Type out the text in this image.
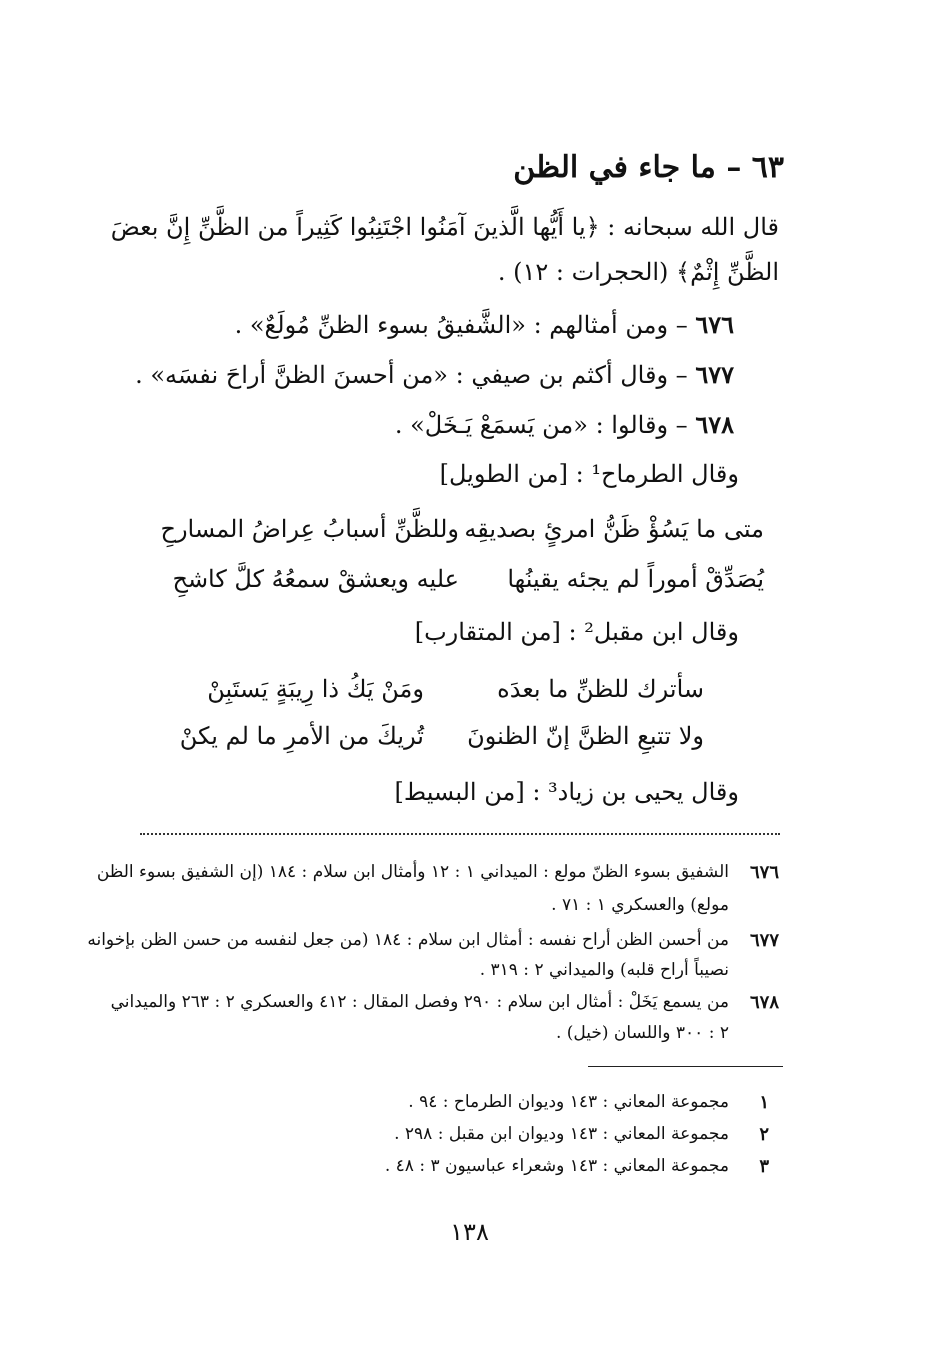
٦٣ – ما جاء في الظن
قال الله سبحانه : ﴿يا أَيُّها الَّذينَ آمَنُوا اجْتَنِبُوا كَثِيراً من الظَّنِّ إِنَّ بعضَ
الظَّنِّ إِثْمٌ﴾ (الحجرات : ١٢) .
٦٧٦ – ومن أمثالهم : «الشَّفيقُ بسوء الظنِّ مُولَعٌ» .
٦٧٧ – وقال أكثم بن صيفي : «من أحسنَ الظنَّ أراحَ نفسَه» .
٦٧٨ – وقالوا : «من يَسمَعْ يَـخَلْ» .
وقال الطرماح¹ : [من الطويل]
متى ما يَسُؤْ ظَنُّ امرئٍ بصديقِه
وللظَّنِّ أسبابُ عِراضُ المسارحِ
يُصَدِّقْ أموراً لم يجئه يقينُها
عليه ويعشقْ سمعُهُ كلَّ كاشحِ
وقال ابن مقبل² : [من المتقارب]
سأترك للظنِّ ما بعدَه
ومَنْ يَكُ ذا رِيبَةٍ يَستَبِنْ
ولا تتبعِ الظنَّ إنّ الظنونَ
تُريكَ من الأمرِ ما لم يكنْ
وقال يحيى بن زياد³ : [من البسيط]
٦٧٦
الشفيق بسوء الظنّ مولع : الميداني ١ : ١٢ وأمثال ابن سلام : ١٨٤ (إن الشفيق بسوء الظن
مولع) والعسكري ١ : ٧١ .
٦٧٧
من أحسن الظن أراح نفسه : أمثال ابن سلام : ١٨٤ (من جعل لنفسه من حسن الظن بإخوانه
نصيباً أراح قلبه) والميداني ٢ : ٣١٩ .
٦٧٨
من يسمع يَخَلْ : أمثال ابن سلام : ٢٩٠ وفصل المقال : ٤١٢ والعسكري ٢ : ٢٦٣ والميداني
٢ : ٣٠٠ واللسان (خيل) .
١
مجموعة المعاني : ١٤٣ وديوان الطرماح : ٩٤ .
٢
مجموعة المعاني : ١٤٣ وديوان ابن مقبل : ٢٩٨ .
٣
مجموعة المعاني : ١٤٣ وشعراء عباسيون ٣ : ٤٨ .
١٣٨
